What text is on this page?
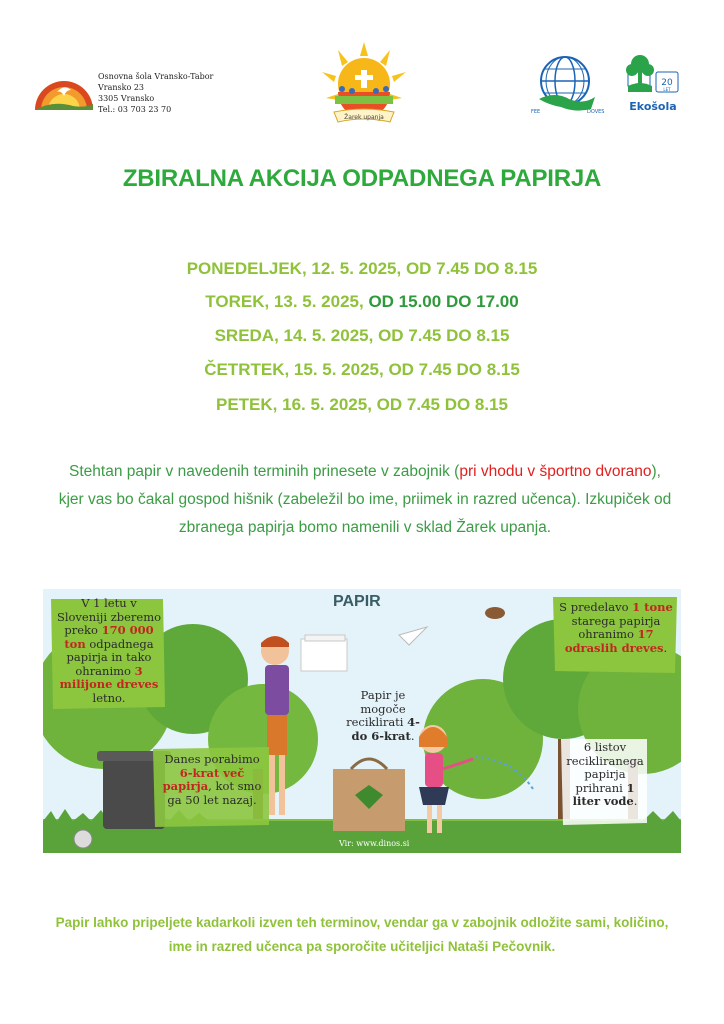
Osnovna šola Vransko-Tabor
Vransko 23
3305 Vransko
Tel.: 03 703 23 70
Žarek upanja
FEE	DOVES
20
LET
Ekošola
ZBIRALNA AKCIJA ODPADNEGA PAPIRJA
PONEDELJEK, 12. 5. 2025, OD 7.45 DO 8.15
TOREK, 13. 5. 2025, OD 15.00 DO 17.00
SREDA, 14. 5. 2025, OD 7.45 DO 8.15
ČETRTEK, 15. 5. 2025, OD 7.45 DO 8.15
PETEK, 16. 5. 2025, OD 7.45 DO 8.15
Stehtan papir v navedenih terminih prinesete v zabojnik (pri vhodu v športno dvorano), kjer vas bo čakal gospod hišnik (zabeležil bo ime, priimek in razred učenca). Izkupiček od zbranega papirja bomo namenili v sklad Žarek upanja.
PAPIR
V 1 letu v Sloveniji zberemo preko 170 000 ton odpadnega papirja in tako ohranimo 3 milijone dreves letno.
Danes porabimo 6-krat več papirja, kot smo ga 50 let nazaj.
Papir je mogoče reciklirati 4- do 6-krat.
S predelavo 1 tone starega papirja ohranimo 17 odraslih dreves.
6 listov recikliranega papirja prihrani 1 liter vode.
Vir: www.dinos.si
Papir lahko pripeljete kadarkoli izven teh terminov, vendar ga v zabojnik odložite sami, količino, ime in razred učenca pa sporočite učiteljici Nataši Pečovnik.
